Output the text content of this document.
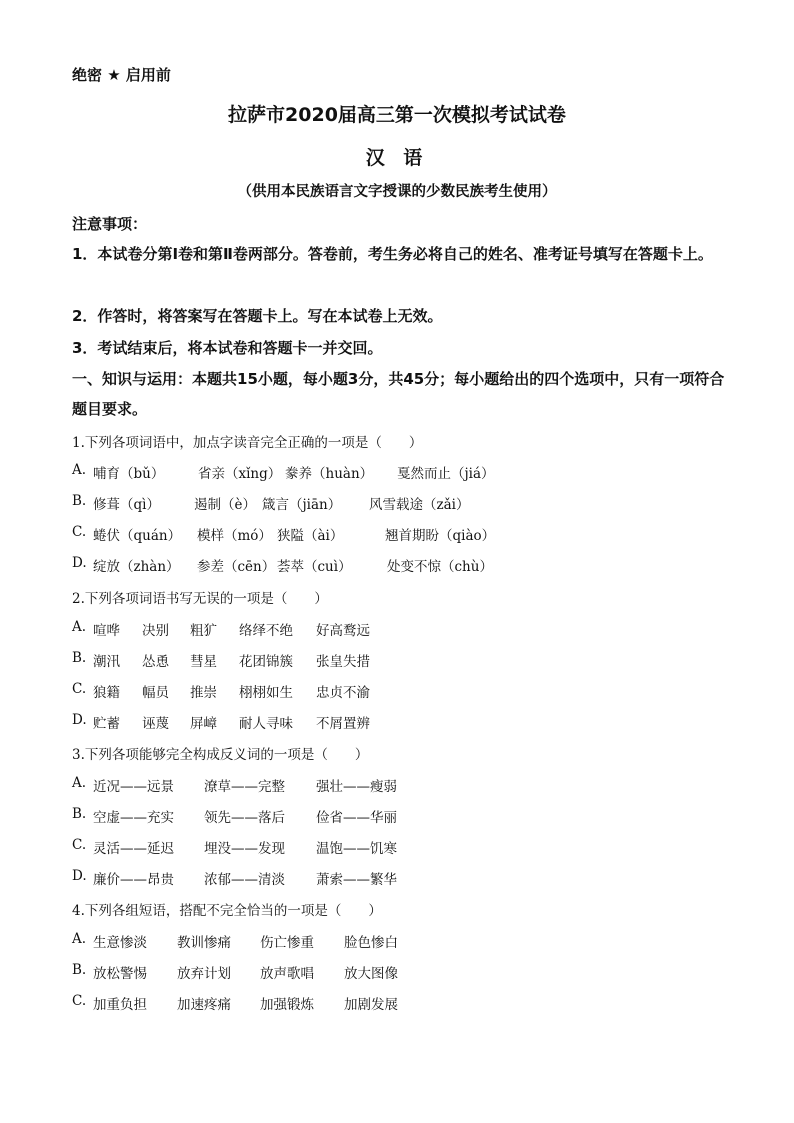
绝密 ★ 启用前
拉萨市2020届高三第一次模拟考试试卷
汉 语
（供用本民族语言文字授课的少数民族考生使用）
注意事项：
1．本试卷分第Ⅰ卷和第Ⅱ卷两部分。答卷前，考生务必将自己的姓名、准考证号填写在答题卡上。
2．作答时，将答案写在答题卡上。写在本试卷上无效。
3．考试结束后，将本试卷和答题卡一并交回。
一、知识与运用：本题共15小题，每小题3分，共45分；每小题给出的四个选项中，只有一项符合题目要求。
1.下列各项词语中，加点字读音完全正确的一项是（　　）
A. 哺育（bǔ） 省亲（xǐng） 豢养（huàn） 戛然而止（jiá）
B. 修葺（qì）	遏制（è） 箴言（jiān） 风雪载途（zǎi）
C. 蜷伏（quán） 模样（mó） 狭隘（ài）	翘首期盼（qiào）
D. 绽放（zhàn） 参差（cēn） 荟萃（cuì）	处变不惊（chù）
2.下列各项词语书写无误的一项是（　　）
A. 喧哗 决别 粗犷 络绎不绝 好高鹜远
B. 潮汛 怂恿 彗星 花团锦簇 张皇失措
C. 狼籍 幅员 推崇 栩栩如生 忠贞不渝
D. 贮蓄 诬蔑 屏嶂 耐人寻味 不屑置辨
3.下列各项能够完全构成反义词的一项是（　　）
A. 近况——远景 潦草——完整 强壮——瘦弱
B. 空虚——充实 领先——落后 俭省——华丽
C. 灵活——延迟 埋没——发现 温饱——饥寒
D. 廉价——昂贵 浓郁——清淡 萧索——繁华
4.下列各组短语，搭配不完全恰当的一项是（　　）
A. 生意惨淡 教训惨痛 伤亡惨重 脸色惨白
B. 放松警惕 放弃计划 放声歌唱 放大图像
C. 加重负担 加速疼痛 加强锻炼 加剧发展
